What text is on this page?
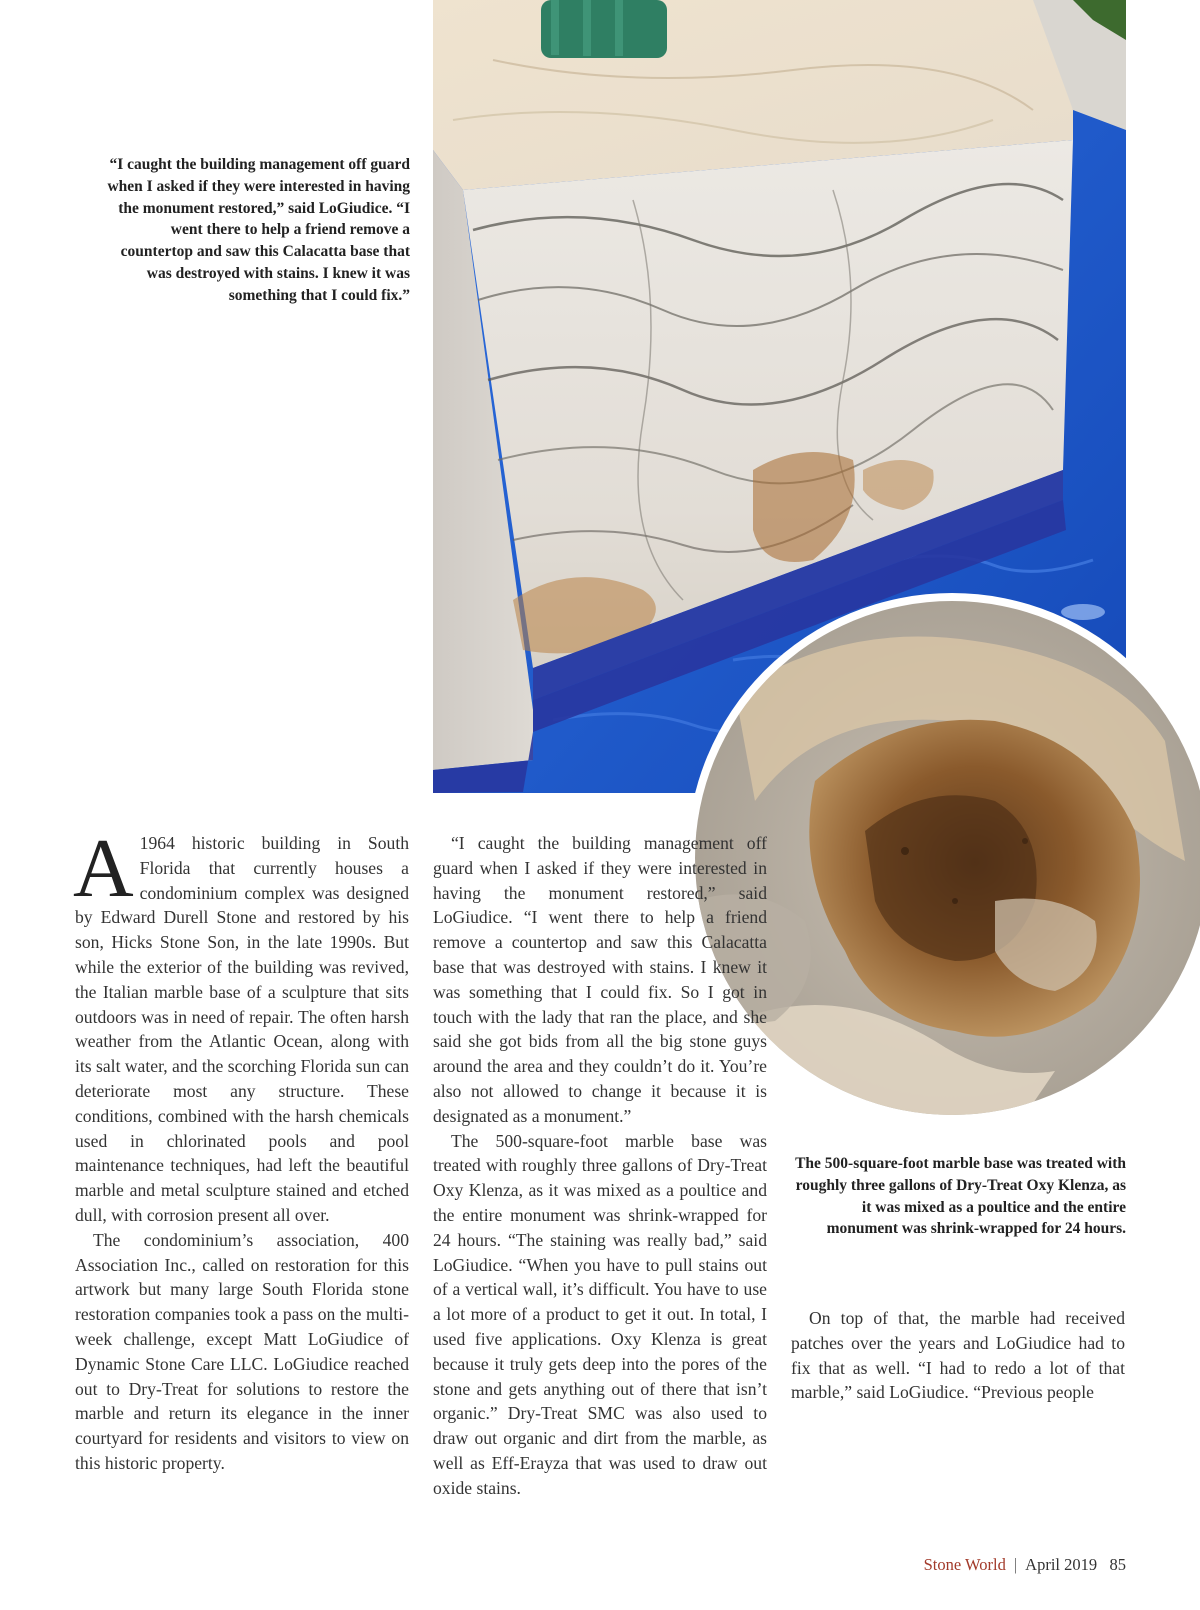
“I caught the building management off guard when I asked if they were interested in having the monument restored,” said LoGiudice. “I went there to help a friend remove a countertop and saw this Calacatta base that was destroyed with stains. I knew it was something that I could fix.”
The 500-square-foot marble base was treated with roughly three gallons of Dry-Treat Oxy Klenza, as it was mixed as a poultice and the entire monument was shrink-wrapped for 24 hours.

A 1964 historic building in South Florida that currently houses a condominium complex was designed by Edward Durell Stone and restored by his son, Hicks Stone Son, in the late 1990s. But while the exterior of the building was revived, the Italian marble base of a sculpture that sits outdoors was in need of repair. The often harsh weather from the Atlantic Ocean, along with its salt water, and the scorching Florida sun can deteriorate most any structure. These conditions, combined with the harsh chemicals used in chlorinated pools and pool maintenance techniques, had left the beautiful marble and metal sculpture stained and etched dull, with corrosion present all over.

The condominium’s association, 400 Association Inc., called on restoration for this artwork but many large South Florida stone restoration companies took a pass on the multi-week challenge, except Matt LoGiudice of Dynamic Stone Care LLC. LoGiudice reached out to Dry-Treat for solutions to restore the marble and return its elegance in the inner courtyard for residents and visitors to view on this historic property.

“I caught the building management off guard when I asked if they were interested in having the monument restored,” said LoGiudice. “I went there to help a friend remove a countertop and saw this Calacatta base that was destroyed with stains. I knew it was something that I could fix. So I got in touch with the lady that ran the place, and she said she got bids from all the big stone guys around the area and they couldn’t do it. You’re also not allowed to change it because it is designated as a monument.”

The 500-square-foot marble base was treated with roughly three gallons of Dry-Treat Oxy Klenza, as it was mixed as a poultice and the entire monument was shrink-wrapped for 24 hours. “The staining was really bad,” said LoGiudice. “When you have to pull stains out of a vertical wall, it’s difficult. You have to use a lot more of a product to get it out. In total, I used five applications. Oxy Klenza is great because it truly gets deep into the pores of the stone and gets anything out of there that isn’t organic.” Dry-Treat SMC was also used to draw out organic and dirt from the marble, as well as Eff-Erayza that was used to draw out oxide stains.

On top of that, the marble had received patches over the years and LoGiudice had to fix that as well. “I had to redo a lot of that marble,” said LoGiudice. “Previous people

Stone World | April 2019 85
